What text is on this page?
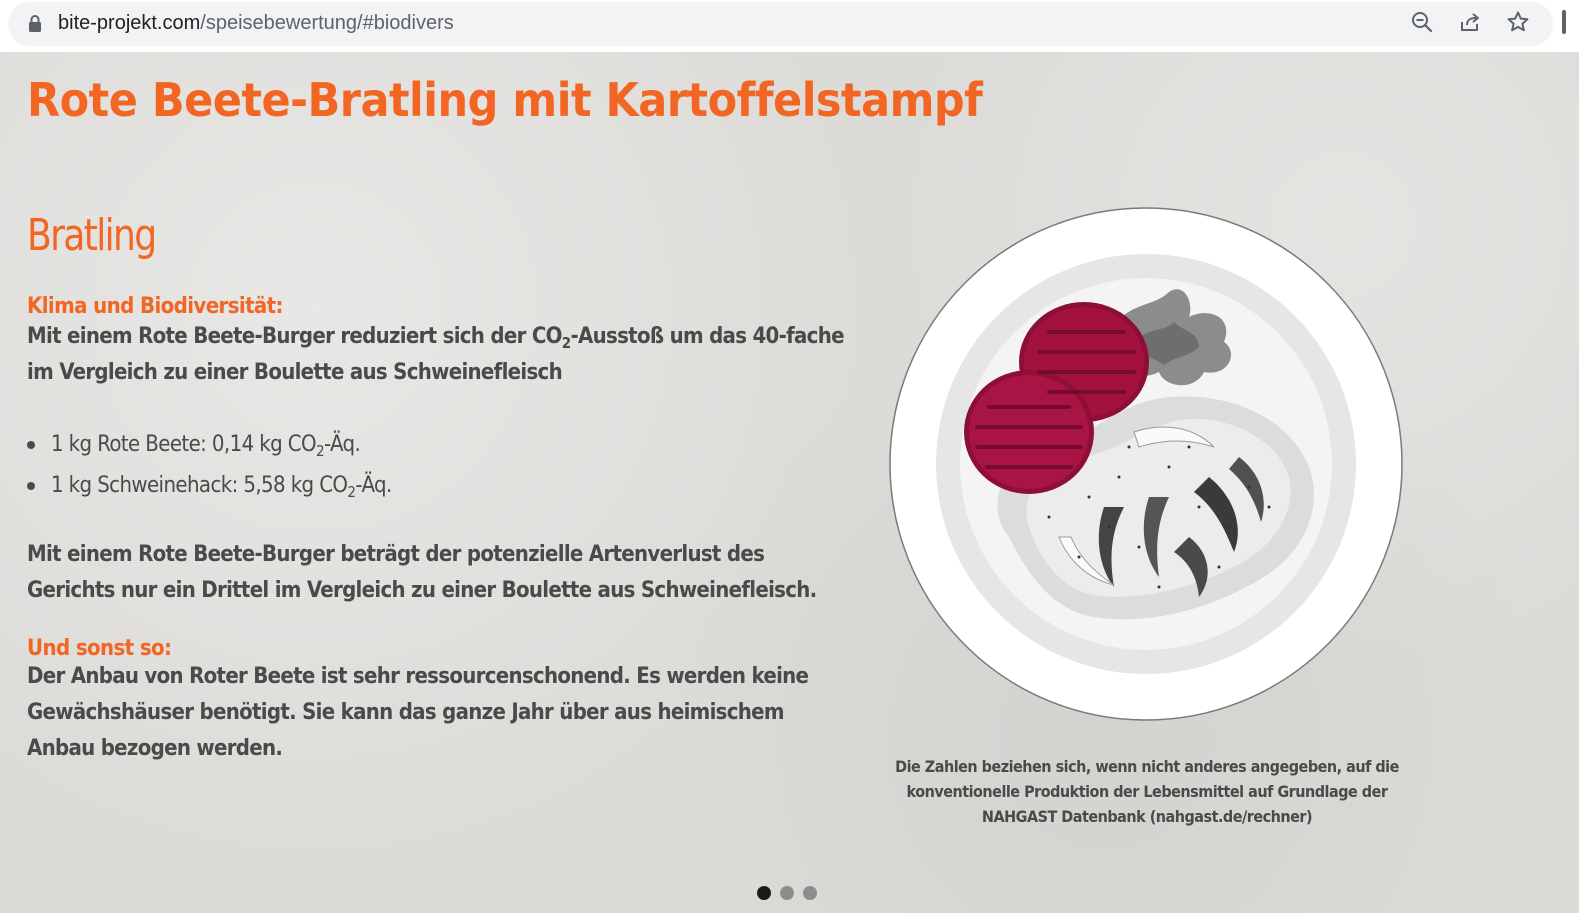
bite-projekt.com/speisebewertung/#biodivers
Rote Beete-Bratling mit Kartoffelstampf
Bratling

Klima und Biodiversität:

Mit einem Rote Beete-Burger reduziert sich der $CO_2$-Ausstoß um das 40-fache im Vergleich zu einer Boulette aus Schweinefleisch

1 kg Rote Beete: 0,14 kg $CO_2-Äq$.
1 kg Schweinehack: 5,58 kg $CO_2-Äq$.

Mit einem Rote Beete-Burger beträgt der potenzielle Artenverlust des Gerichts nur ein Drittel im Vergleich zu einer Boulette aus Schweinefleisch.

Und sonst so:

Der Anbau von Roter Beete ist sehr ressourcenschonend. Es werden keine Gewächshäuser benötigt. Sie kann das ganze Jahr über aus heimischem Anbau bezogen werden.

Die Zahlen beziehen sich, wenn nicht anderes angegeben, auf die konventionelle Produktion der Lebensmittel auf Grundlage der NAHGAST Datenbank (nahgast.de/rechner)
